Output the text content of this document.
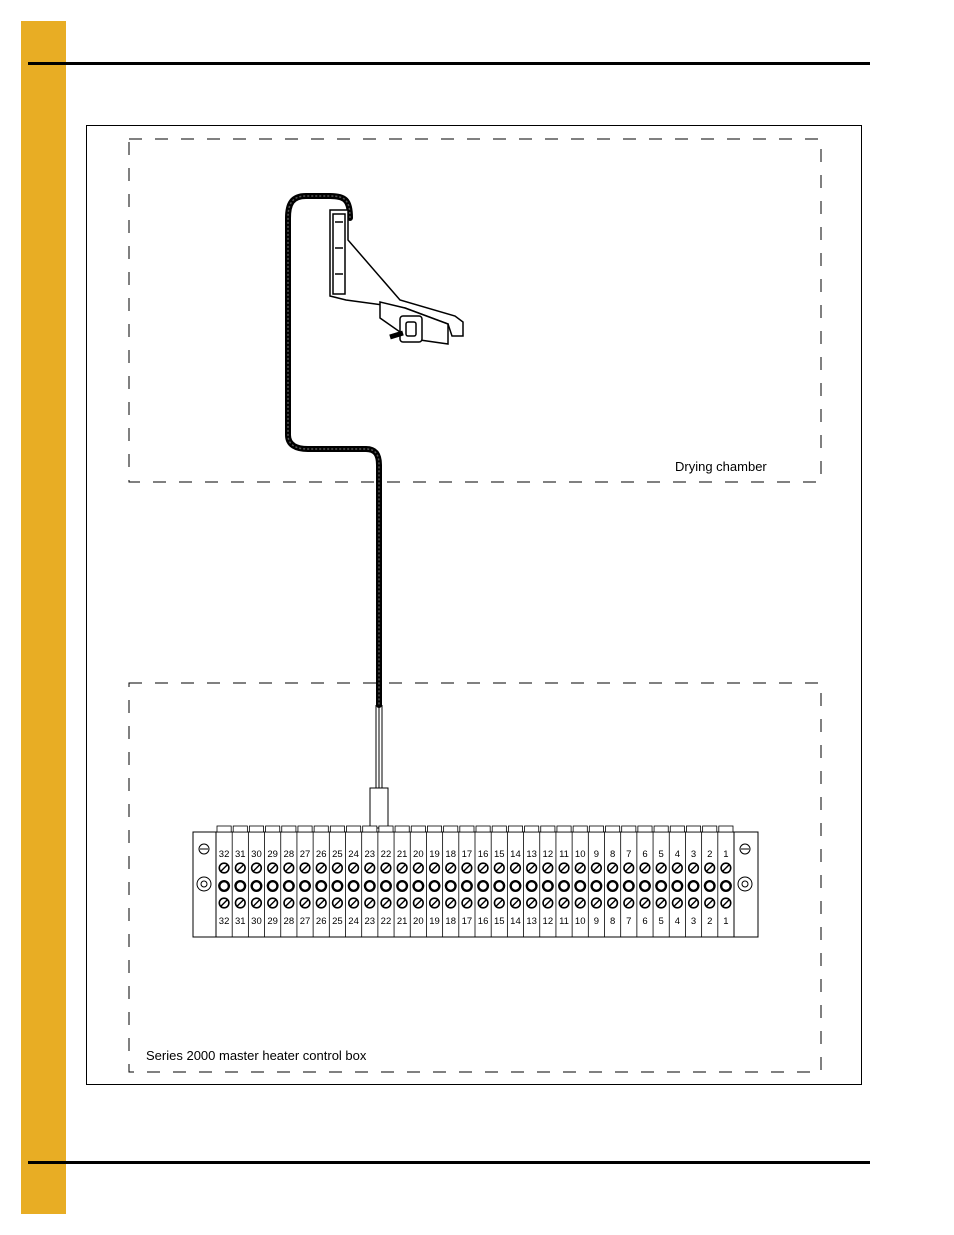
32
32
31
31
30
30
29
29
28
28
27
27
26
26
25
25
24
24
23
23
22
22
21
21
20
20
19
19
18
18
17
17
16
16
15
15
14
14
13
13
12
12
11
11
10
10
9
9
8
8
7
7
6
6
5
5
4
4
3
3
2
2
1
1
Drying chamber
Series 2000 master heater control box
